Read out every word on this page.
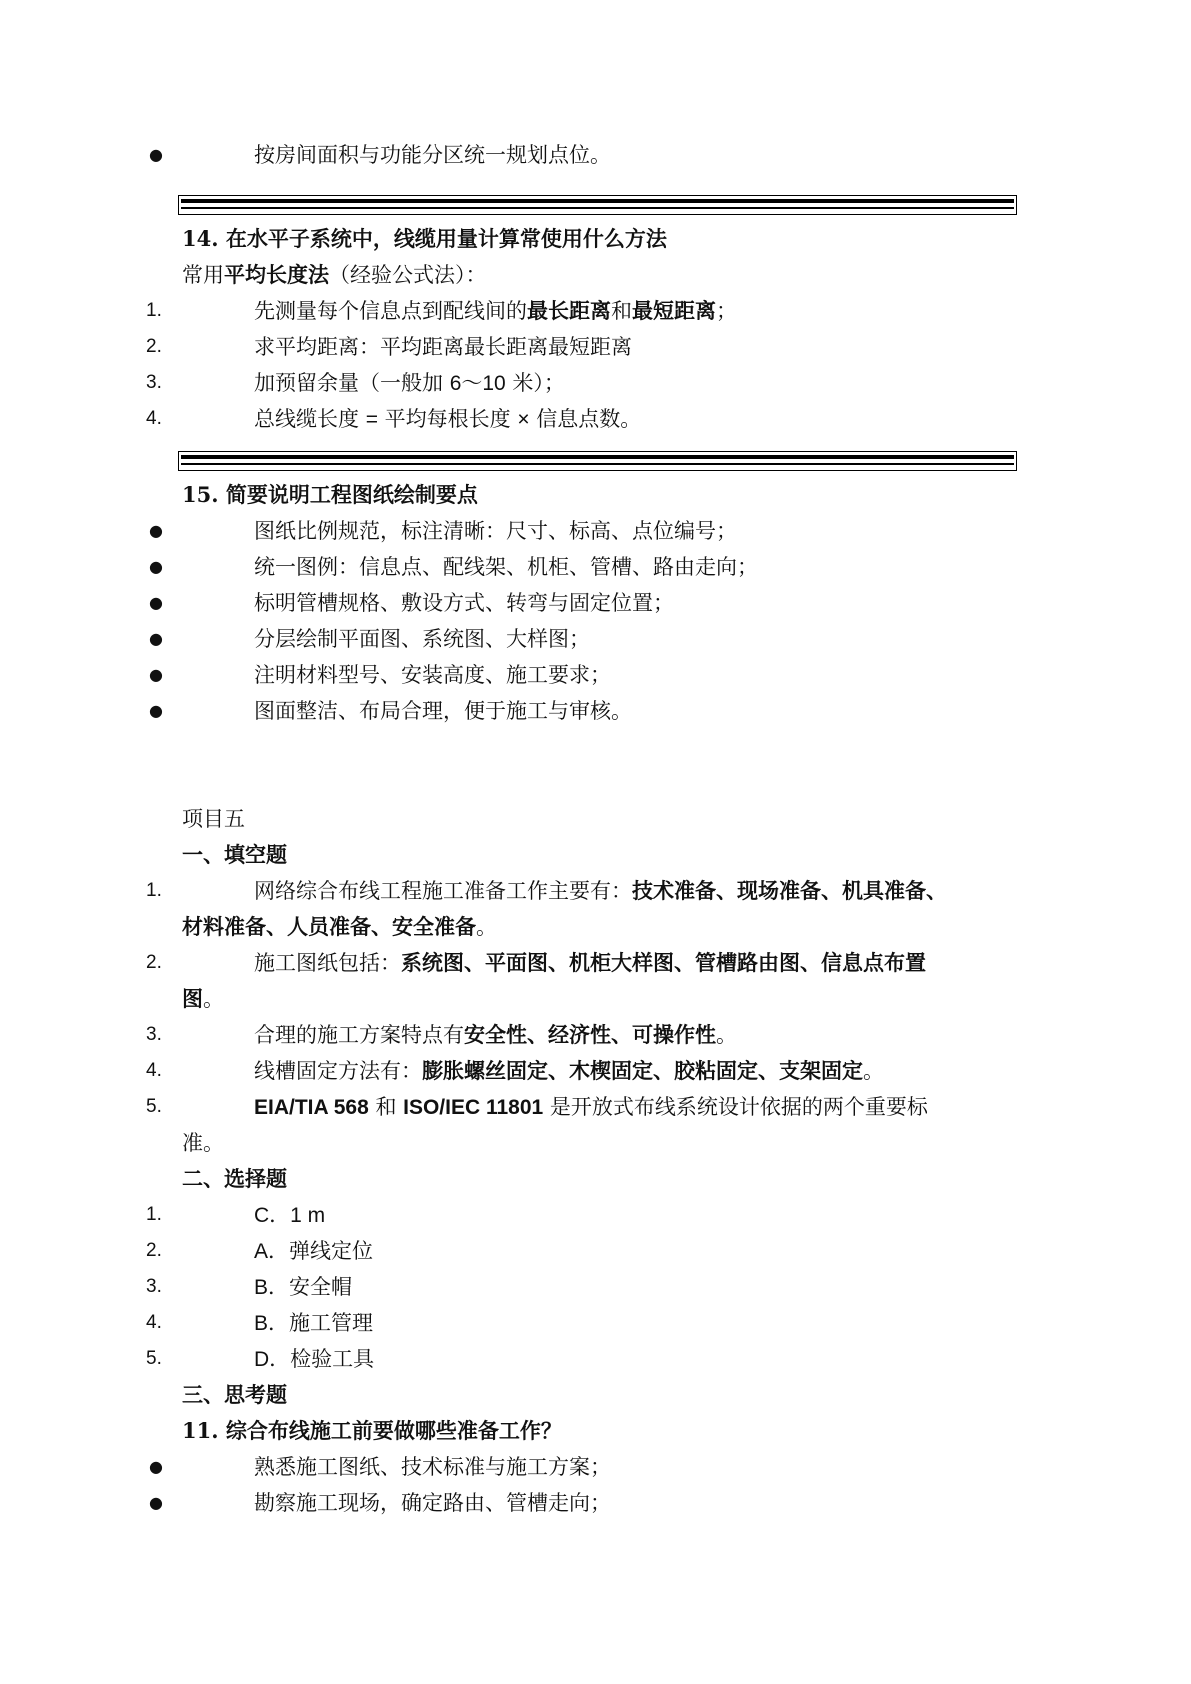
●	按房间面积与功能分区统一规划点位。
14. 在水平子系统中，线缆用量计算常使用什么方法
常用平均长度法（经验公式法）：
1.	先测量每个信息点到配线间的最长距离和最短距离；
2.	求平均距离：平均距离最长距离最短距离
3.	加预留余量（一般加 6～10 米）；
4.	总线缆长度 = 平均每根长度 × 信息点数。
15. 简要说明工程图纸绘制要点
●	图纸比例规范，标注清晰：尺寸、标高、点位编号；
●	统一图例：信息点、配线架、机柜、管槽、路由走向；
●	标明管槽规格、敷设方式、转弯与固定位置；
●	分层绘制平面图、系统图、大样图；
●	注明材料型号、安装高度、施工要求；
●	图面整洁、布局合理，便于施工与审核。
项目五
一、填空题
1.	网络综合布线工程施工准备工作主要有：技术准备、现场准备、机具准备、
材料准备、人员准备、安全准备。
2.	施工图纸包括：系统图、平面图、机柜大样图、管槽路由图、信息点布置
图。
3.	合理的施工方案特点有安全性、经济性、可操作性。
4.	线槽固定方法有：膨胀螺丝固定、木楔固定、胶粘固定、支架固定。
5.	EIA/TIA 568 和 ISO/IEC 11801 是开放式布线系统设计依据的两个重要标
准。
二、选择题
1.	C．1 m
2.	A．弹线定位
3.	B．安全帽
4.	B．施工管理
5.	D．检验工具
三、思考题
11. 综合布线施工前要做哪些准备工作？
●	熟悉施工图纸、技术标准与施工方案；
●	勘察施工现场，确定路由、管槽走向；
